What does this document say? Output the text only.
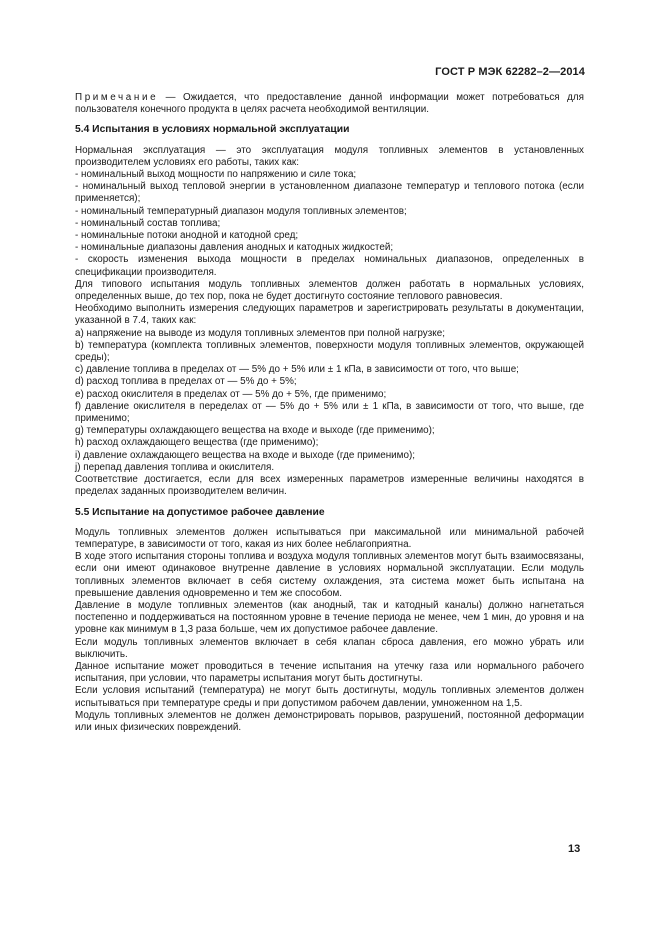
ГОСТ Р МЭК 62282–2—2014

Примечание — Ожидается, что предоставление данной информации может потребоваться для пользователя конечного продукта в целях расчета необходимой вентиляции.

5.4 Испытания в условиях нормальной эксплуатации

Нормальная эксплуатация — это эксплуатация модуля топливных элементов в установленных производителем условиях его работы, таких как:

- номинальный выход мощности по напряжению и силе тока;

- номинальный выход тепловой энергии в установленном диапазоне температур и теплового потока (если применяется);

- номинальный температурный диапазон модуля топливных элементов;

- номинальный состав топлива;

- номинальные потоки анодной и катодной сред;

- номинальные диапазоны давления анодных и катодных жидкостей;

- скорость изменения выхода мощности в пределах номинальных диапазонов, определенных в спецификации производителя.

Для типового испытания модуль топливных элементов должен работать в нормальных условиях, определенных выше, до тех пор, пока не будет достигнуто состояние теплового равновесия.

Необходимо выполнить измерения следующих параметров и зарегистрировать результаты в документации, указанной в 7.4, таких как:

a) напряжение на выводе из модуля топливных элементов при полной нагрузке;

b) температура (комплекта топливных элементов, поверхности модуля топливных элементов, окружающей среды);

c) давление топлива в пределах от — 5% до + 5% или ± 1 кПа, в зависимости от того, что выше;

d) расход топлива в пределах от — 5% до + 5%;

e) расход окислителя в пределах от — 5% до + 5%, где применимо;

f) давление окислителя в переделах от — 5% до + 5% или ± 1 кПа, в зависимости от того, что выше, где применимо;

g) температуры охлаждающего вещества на входе и выходе (где применимо);

h) расход охлаждающего вещества (где применимо);

i) давление охлаждающего вещества на входе и выходе (где применимо);

j) перепад давления топлива и окислителя.

Соответствие достигается, если для всех измеренных параметров измеренные величины находятся в пределах заданных производителем величин.

5.5 Испытание на допустимое рабочее давление

Модуль топливных элементов должен испытываться при максимальной или минимальной рабочей температуре, в зависимости от того, какая из них более неблагоприятна.

В ходе этого испытания стороны топлива и воздуха модуля топливных элементов могут быть взаимосвязаны, если они имеют одинаковое внутренне давление в условиях нормальной эксплуатации. Если модуль топливных элементов включает в себя систему охлаждения, эта система может быть испытана на превышение давления одновременно и тем же способом.

Давление в модуле топливных элементов (как анодный, так и катодный каналы) должно нагнетаться постепенно и поддерживаться на постоянном уровне в течение периода не менее, чем 1 мин, до уровня и на уровне как минимум в 1,3 раза больше, чем их допустимое рабочее давление.

Если модуль топливных элементов включает в себя клапан сброса давления, его можно убрать или выключить.

Данное испытание может проводиться в течение испытания на утечку газа или нормального рабочего испытания, при условии, что параметры испытания могут быть достигнуты.

Если условия испытаний (температура) не могут быть достигнуты, модуль топливных элементов должен испытываться при температуре среды и при допустимом рабочем давлении, умноженном на 1,5.

Модуль топливных элементов не должен демонстрировать порывов, разрушений, постоянной деформации или иных физических повреждений.

13
